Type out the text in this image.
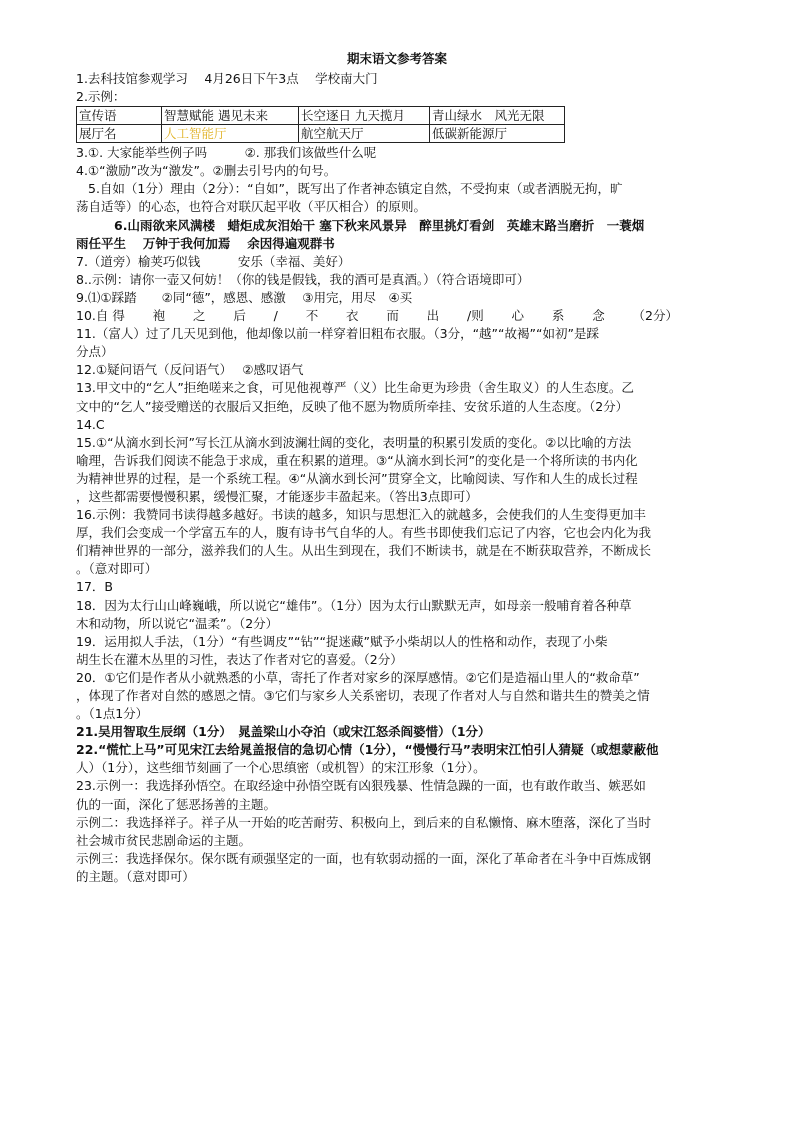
期末语文参考答案
1.去科技馆参观学习　 4月26日下午3点　 学校南大门
2.示例：
宣传语	智慧赋能 遇见未来	长空逐日 九天揽月	青山绿水　风光无限
展厅名	人工智能厅	航空航天厅	低碳新能源厅
3.①. 大家能举些例子吗　　　②. 那我们该做些什么呢
4.①“激励”改为“激发”。②删去引号内的句号。
5.自如（1分）理由（2分）：“自如”，既写出了作者神态镇定自然，不受拘束（或者洒脱无拘，旷
荡自适等）的心态，也符合对联仄起平收（平仄相合）的原则。
6.山雨欲来风满楼　蜡炬成灰泪始干 塞下秋来风景异　醉里挑灯看剑　英雄末路当磨折　一蓑烟
雨任平生　 万钟于我何加焉　 余因得遍观群书
7.（道旁）榆荚巧似钱　　　安乐（幸福、美好）
8..示例：请你一壶又何妨！（你的钱是假钱，我的酒可是真酒。）（符合语境即可）
9.⑴①踩踏　　②同“德”，感恩、感激　 ③用完，用尽　④买
10.自 得 袍 之 后 / 不 衣 而 出 /则 心 系 念 （2分）
11.（富人）过了几天见到他，他却像以前一样穿着旧粗布衣服。（3分，“越”“故褐”“如初”是踩
分点）
12.①疑问语气（反问语气）　 ②感叹语气
13.甲文中的“乞人”拒绝嗟来之食，可见他视尊严（义）比生命更为珍贵（舍生取义）的人生态度。乙
文中的“乞人”接受赠送的衣服后又拒绝，反映了他不愿为物质所牵挂、安贫乐道的人生态度。（2分）
14.C
15.①“从滴水到长河”写长江从滴水到波澜壮阔的变化，表明量的积累引发质的变化。②以比喻的方法
喻理，告诉我们阅读不能急于求成，重在积累的道理。③“从滴水到长河”的变化是一个将所读的书内化
为精神世界的过程，是一个系统工程。④“从滴水到长河”贯穿全文，比喻阅读、写作和人生的成长过程
，这些都需要慢慢积累，缓慢汇聚，才能逐步丰盈起来。（答出3点即可）
16.示例：我赞同书读得越多越好。书读的越多，知识与思想汇入的就越多，会使我们的人生变得更加丰
厚，我们会变成一个学富五车的人，腹有诗书气自华的人。有些书即使我们忘记了内容，它也会内化为我
们精神世界的一部分，滋养我们的人生。从出生到现在，我们不断读书，就是在不断获取营养，不断成长
。（意对即可）
17．B
18．因为太行山山峰巍峨，所以说它“雄伟”。（1分）因为太行山默默无声，如母亲一般哺育着各种草
木和动物，所以说它“温柔”。（2分）
19．运用拟人手法，（1分）“有些调皮”“钻”“捉迷藏”赋予小柴胡以人的性格和动作，表现了小柴
胡生长在灌木丛里的习性，表达了作者对它的喜爱。（2分）
20．①它们是作者从小就熟悉的小草，寄托了作者对家乡的深厚感情。②它们是造福山里人的“救命草”
，体现了作者对自然的感恩之情。③它们与家乡人关系密切，表现了作者对人与自然和谐共生的赞美之情
。（1点1分）
21.吴用智取生辰纲（1分）　晁盖梁山小夺泊（或宋江怒杀阎婆惜）（1分）
22.“慌忙上马”可见宋江去给晁盖报信的急切心情（1分），“慢慢行马”表明宋江怕引人猜疑（或想蒙蔽他
人）（1分），这些细节刻画了一个心思缜密（或机智）的宋江形象（1分）。
23.示例一：我选择孙悟空。在取经途中孙悟空既有凶狠残暴、性情急躁的一面，也有敢作敢当、嫉恶如
仇的一面，深化了惩恶扬善的主题。
示例二：我选择祥子。祥子从一开始的吃苦耐劳、积极向上，到后来的自私懒惰、麻木堕落，深化了当时
社会城市贫民悲剧命运的主题。
示例三：我选择保尔。保尔既有顽强坚定的一面，也有软弱动摇的一面，深化了革命者在斗争中百炼成钢
的主题。（意对即可）
